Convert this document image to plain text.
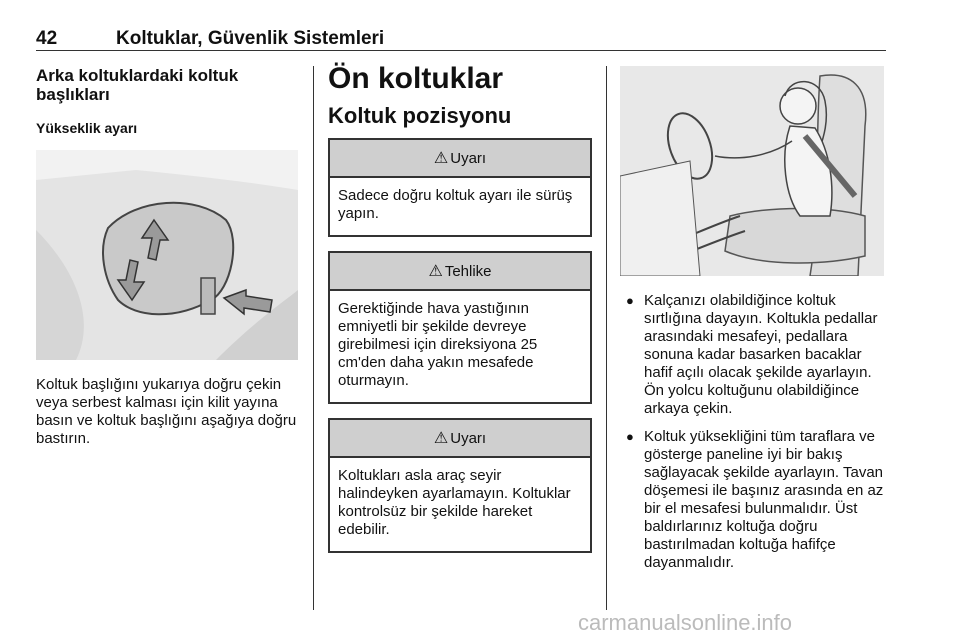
42	Koltuklar, Güvenlik Sistemleri
Arka koltuklardaki koltuk başlıkları
Yükseklik ayarı
Koltuk başlığını yukarıya doğru çekin veya serbest kalması için kilit yayına basın ve koltuk başlığını aşağıya doğru bastırın.
Ön koltuklar
Koltuk pozisyonu
⚠ Uyarı
Sadece doğru koltuk ayarı ile sürüş yapın.
⚠ Tehlike
Gerektiğinde hava yastığının emniyetli bir şekilde devreye girebilmesi için direksiyona 25 cm'den daha yakın mesafede oturmayın.
⚠ Uyarı
Koltukları asla araç seyir halindeyken ayarlamayın. Koltuklar kontrolsüz bir şekilde hareket edebilir.
● Kalçanızı olabildiğince koltuk sırtlığına dayayın. Koltukla pedallar arasındaki mesafeyi, pedallara sonuna kadar basarken bacaklar hafif açılı olacak şekilde ayarlayın. Ön yolcu koltuğunu olabildiğince arkaya çekin.
● Koltuk yüksekliğini tüm taraflara ve gösterge paneline iyi bir bakış sağlayacak şekilde ayarlayın. Tavan döşemesi ile başınız arasında en az bir el mesafesi bulunmalıdır. Üst baldırlarınız koltuğa doğru bastırılmadan koltuğa hafifçe dayanmalıdır.
carmanualsonline.info
